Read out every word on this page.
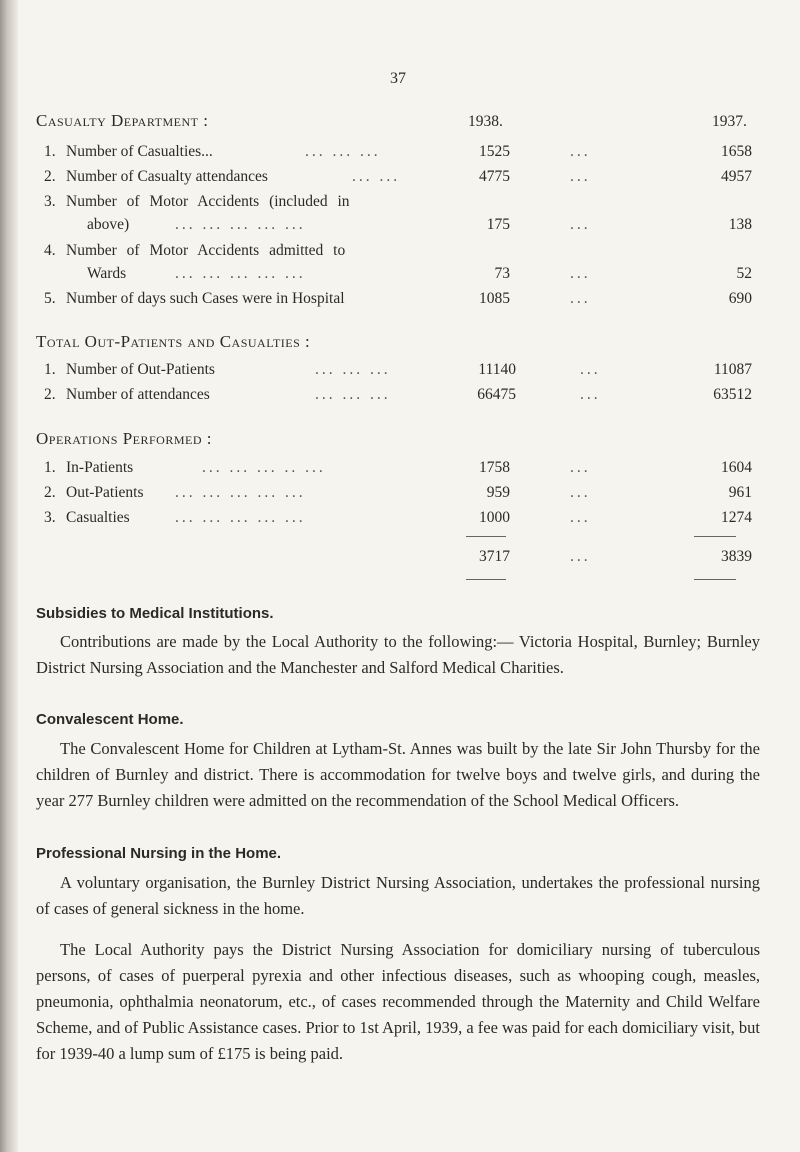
37
Casualty Department :	1938.	1937.
1. Number of Casualties...	... ... ...	1525	...	1658
2. Number of Casualty attendances	... ...	4775	...	4957
3. Number of Motor Accidents (included in
above)	... ... ... ... ...	175	...	138
4. Number of Motor Accidents admitted to
Wards	... ... ... ... ...	73	...	52
5. Number of days such Cases were in Hospital	1085	...	690
Total Out-Patients and Casualties :
1. Number of Out-Patients	... ... ...	11140	...	11087
2. Number of attendances	... ... ...	66475	...	63512
Operations Performed :
1. In-Patients	... ... ... .. ...	1758	...	1604
2. Out-Patients ... ... ... ... ...	959	...	961
3. Casualties	... ... ... ... ...	1000	...	1274
3717	...	3839
Subsidies to Medical Institutions.

Contributions are made by the Local Authority to the following:— Victoria Hospital, Burnley; Burnley District Nursing Association and the Manchester and Salford Medical Charities.

Convalescent Home.

The Convalescent Home for Children at Lytham-St. Annes was built by the late Sir John Thursby for the children of Burnley and district. There is accommodation for twelve boys and twelve girls, and during the year 277 Burnley children were admitted on the recommendation of the School Medical Officers.

Professional Nursing in the Home.

A voluntary organisation, the Burnley District Nursing Association, undertakes the professional nursing of cases of general sickness in the home.

The Local Authority pays the District Nursing Association for domiciliary nursing of tuberculous persons, of cases of puerperal pyrexia and other infectious diseases, such as whooping cough, measles, pneumonia, ophthalmia neonatorum, etc., of cases recommended through the Maternity and Child Welfare Scheme, and of Public Assistance cases. Prior to 1st April, 1939, a fee was paid for each domiciliary visit, but for 1939-40 a lump sum of £175 is being paid.
